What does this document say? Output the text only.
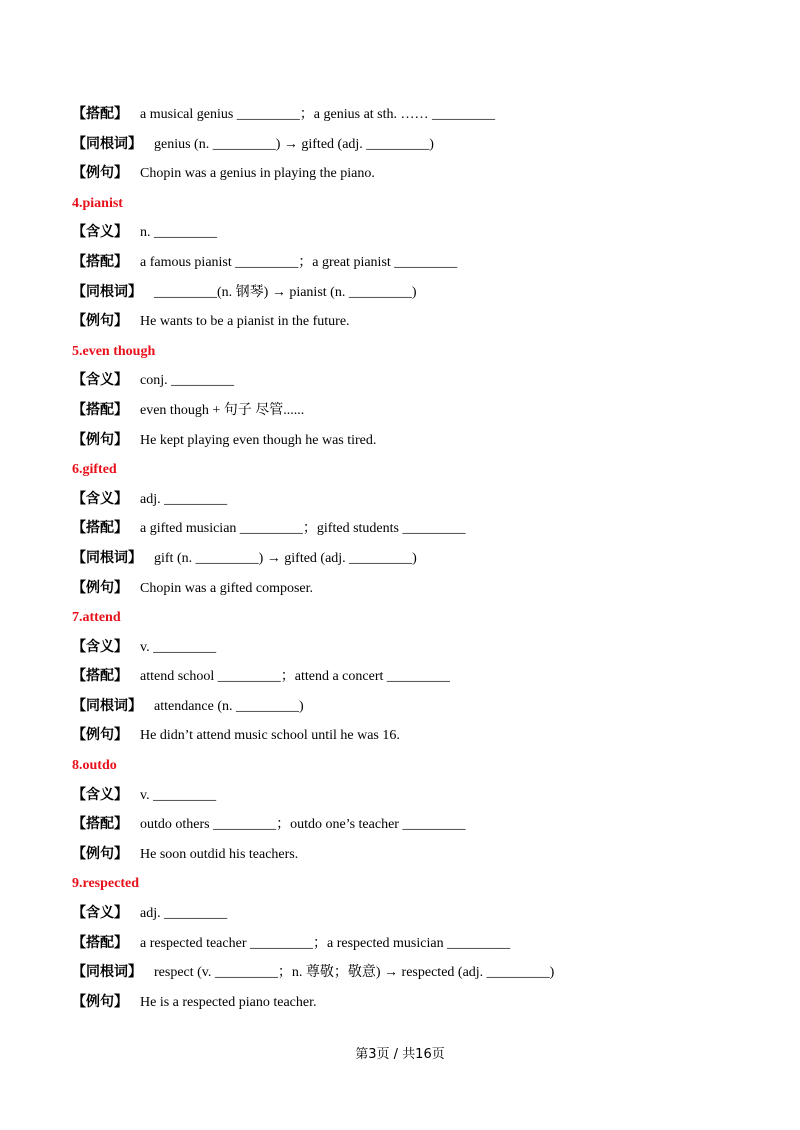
【搭配】 a musical genius _________；a genius at sth. …… _________
【同根词】 genius (n. _________) → gifted (adj. _________)
【例句】 Chopin was a genius in playing the piano.
4.pianist
【含义】 n. _________
【搭配】 a famous pianist _________；a great pianist _________
【同根词】 _________(n. 钢琴) → pianist (n. _________)
【例句】 He wants to be a pianist in the future.
5.even though
【含义】 conj. _________
【搭配】 even though + 句子 尽管......
【例句】 He kept playing even though he was tired.
6.gifted
【含义】 adj. _________
【搭配】 a gifted musician _________；gifted students _________
【同根词】 gift (n. _________) → gifted (adj. _________)
【例句】 Chopin was a gifted composer.
7.attend
【含义】 v. _________
【搭配】 attend school _________；attend a concert _________
【同根词】 attendance (n. _________)
【例句】 He didn’t attend music school until he was 16.
8.outdo
【含义】 v. _________
【搭配】 outdo others _________；outdo one’s teacher _________
【例句】 He soon outdid his teachers.
9.respected
【含义】 adj. _________
【搭配】 a respected teacher _________；a respected musician _________
【同根词】 respect (v. _________；n. 尊敬；敬意) → respected (adj. _________)
【例句】 He is a respected piano teacher.
第3页 / 共16页
